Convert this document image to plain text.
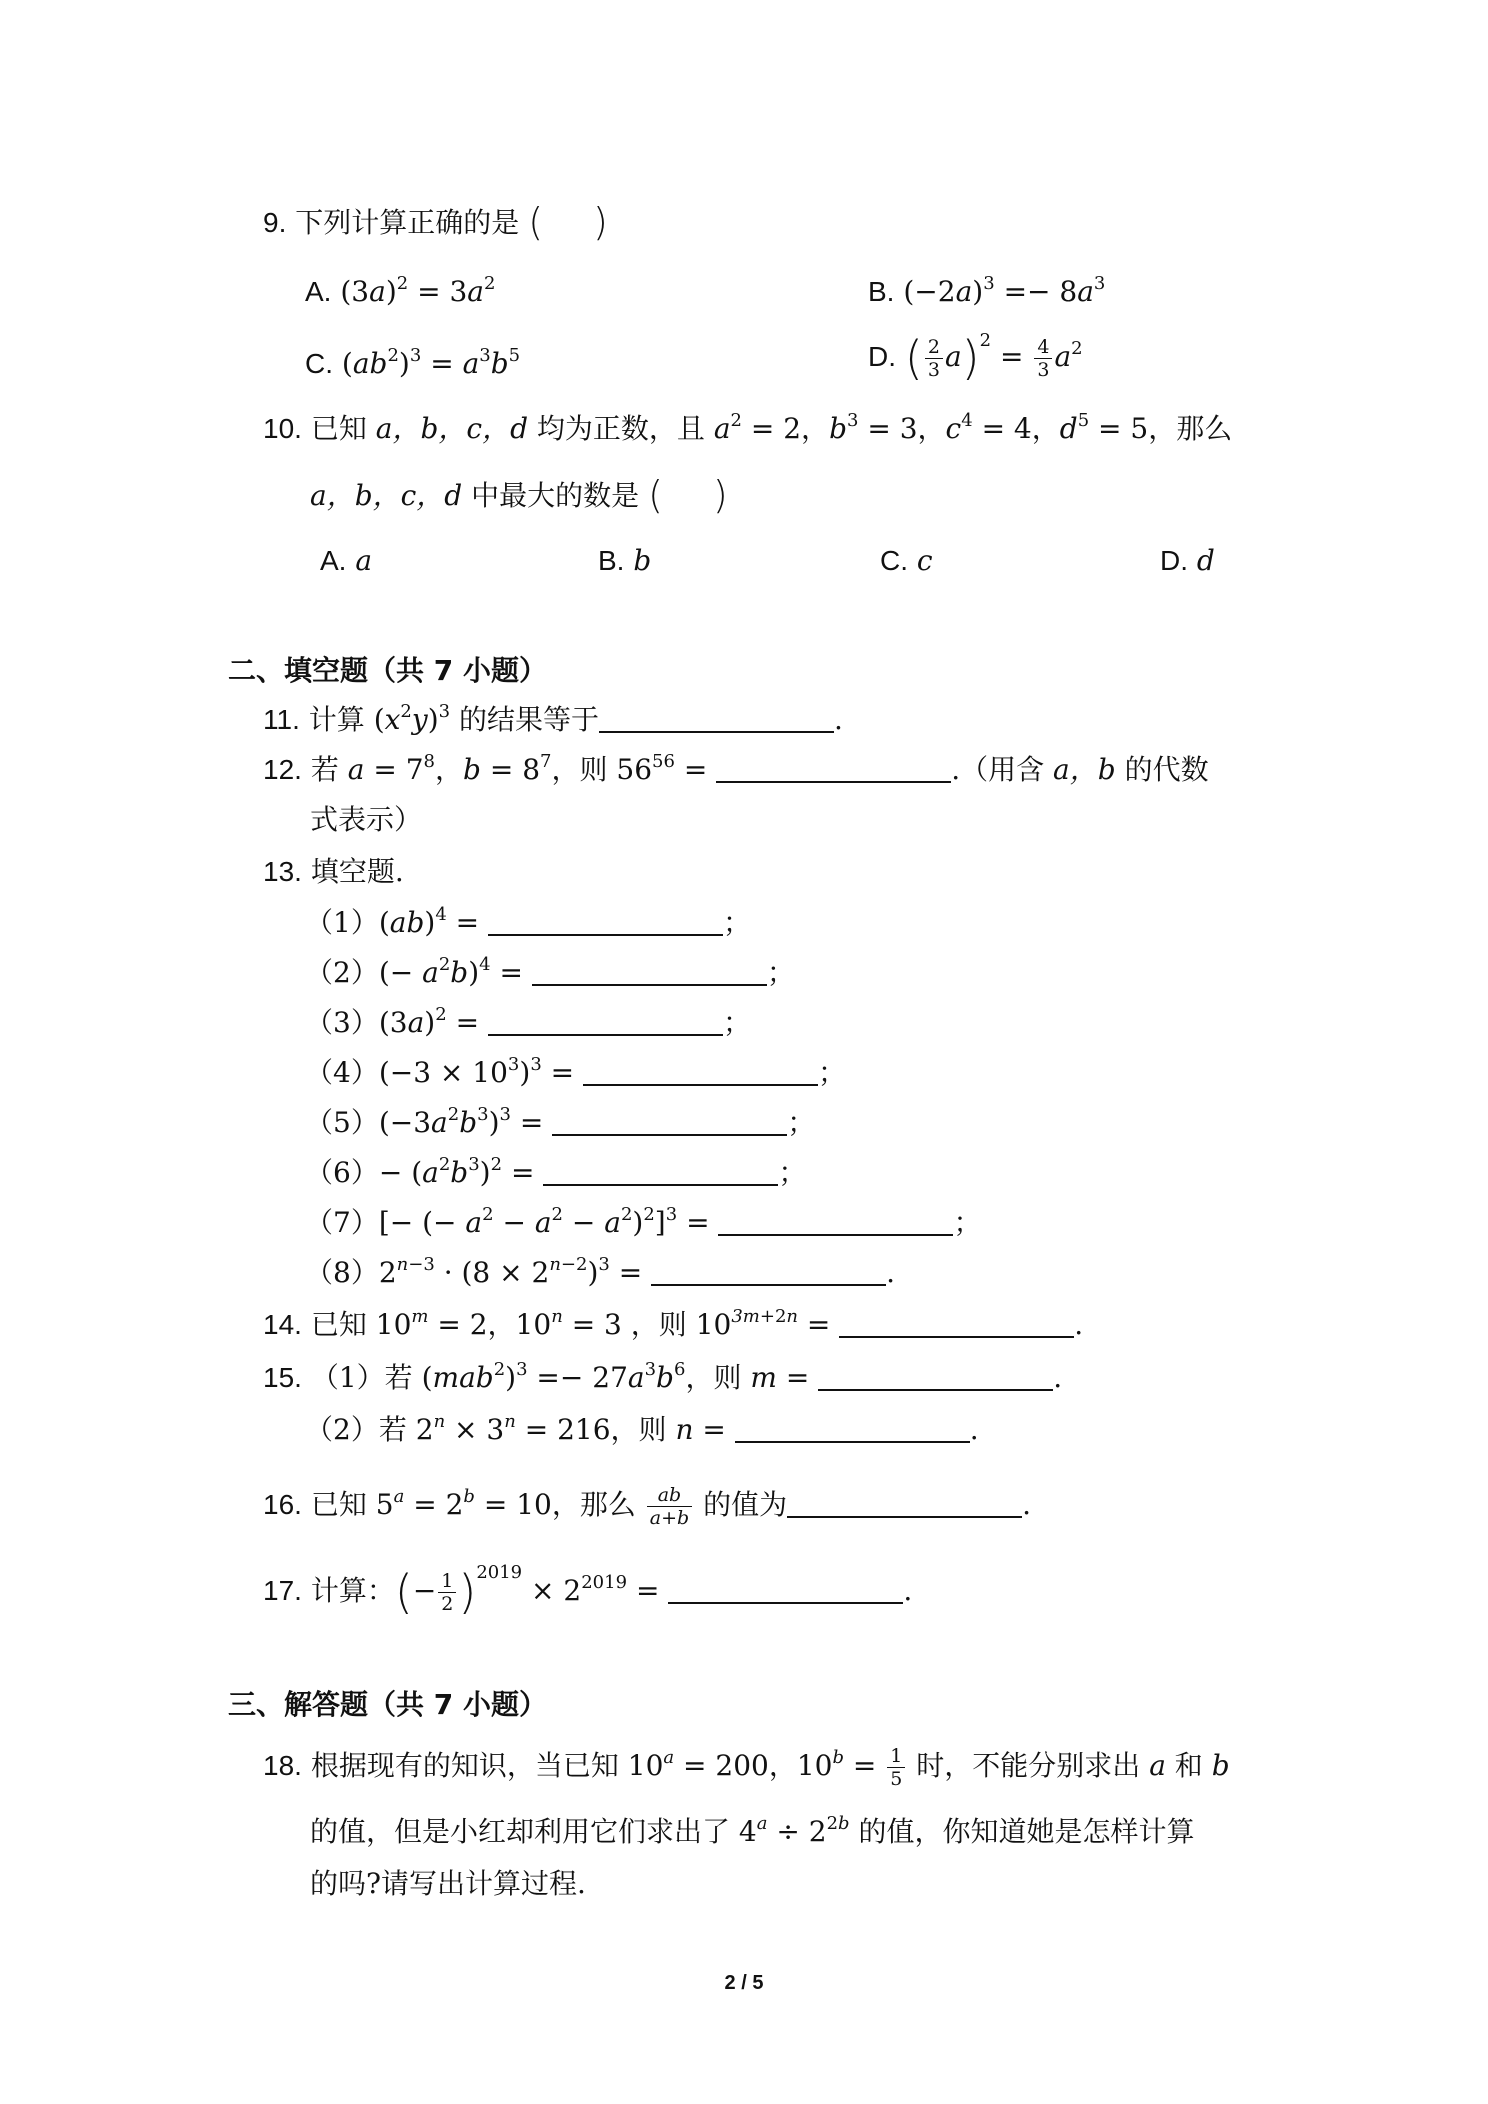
9. 下列计算正确的是 ( )
A. $(3a)^2 = 3a^2$	B. $(-2a)^3 =- 8a^3$
C. $(ab^2)^3 = a^3b^5$	D. ( $\frac{2}{3} a)^2 = \frac{4}{3} a^2$
10. 已知 a，b，c，d 均为正数，且 $a^2 = 2$，$b^3 = 3$，$c^4 = 4$，$d^5 = 5$，那么
a，b，c，d 中最大的数是 ( )
A. a	B. b	C. c	D. d
二、填空题（共 7 小题）
11. 计算 $(x^2y)^3$ 的结果等于	.
12. 若 $a = 7^8$，$b = 8^7$，则 $56^{56}$ =	.（用含 a，b 的代数
式表示）
13. 填空题.
（1）(ab)$^4$ =	；
$(2)(- a^2b)^4$ =	；
$(3)(3a)^2$ =	；
$(4)(-3 \times 10^3)^3$ =	；
$(5)(-3a^2b^3)^3$ =	；
$(6)- (a^2b^3)^2$ =	；
（7）[− (− $a^2 - a^2 - a^2)^2]^3$ =	；
$(8)2^{n-3} \cdot (8 \times 2^{n-2})^3$ =	.
14. 已知 $10^m = 2$，$10^n = 3$ ，则 $10^{3m+2n}$ =	.
15. （1）若 $(mab^2)^3 =- 27a^3b^6$，则 m =	.
（2）若 $2^n \times 3^n = 216$，则 n =	.
16. 已知 $5^a = 2^b = 10$，那么 $\frac{ab}{a+b}$ 的值为	.
17. 计算：(− $\frac{1}{2} )^{2019} \times 2^{2019}$ =	.
三、解答题（共 7 小题）
18. 根据现有的知识，当已知 $10^a = 200$，$10^b = \frac{1}{5}$ 时，不能分别求出 a 和 b
的值，但是小红却利用它们求出了 $4^a \div 2^{2b}$ 的值，你知道她是怎样计算
的吗?请写出计算过程.
2 / 5
